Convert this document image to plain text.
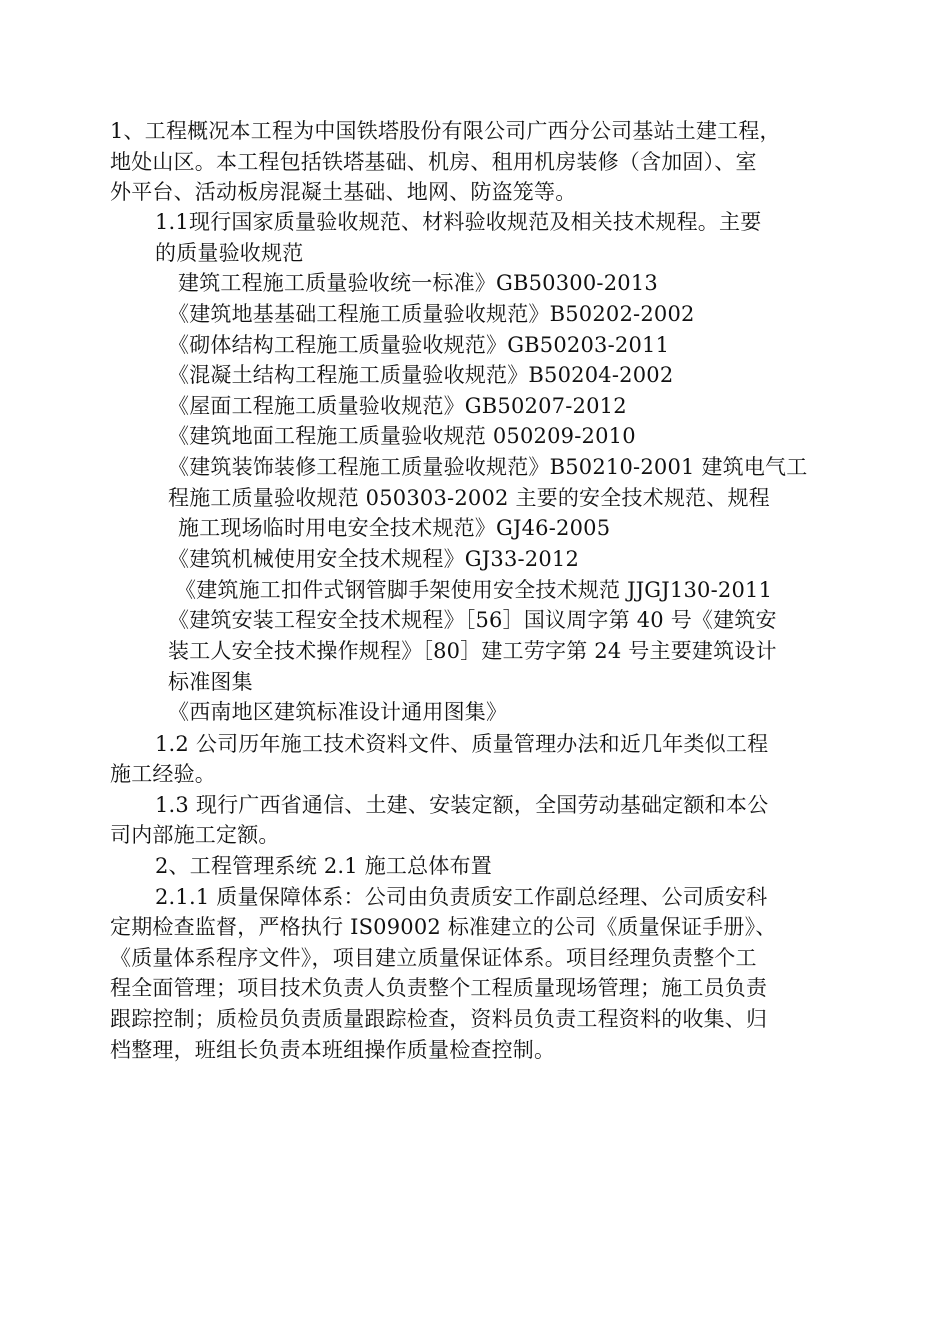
1、工程概况本工程为中国铁塔股份有限公司广西分公司基站土建工程，
地处山区。本工程包括铁塔基础、机房、租用机房装修（含加固）、室
外平台、活动板房混凝土基础、地网、防盗笼等。
1.1现行国家质量验收规范、材料验收规范及相关技术规程。主要
的质量验收规范
建筑工程施工质量验收统一标准》GB50300-2013
《建筑地基基础工程施工质量验收规范》B50202-2002
《砌体结构工程施工质量验收规范》GB50203-2011
《混凝土结构工程施工质量验收规范》B50204-2002
《屋面工程施工质量验收规范》GB50207-2012
《建筑地面工程施工质量验收规范 050209-2010
《建筑装饰装修工程施工质量验收规范》B50210-2001 建筑电气工
程施工质量验收规范 050303-2002 主要的安全技术规范、规程
施工现场临时用电安全技术规范》GJ46-2005
《建筑机械使用安全技术规程》GJ33-2012
《建筑施工扣件式钢管脚手架使用安全技术规范 JJGJ130-2011
《建筑安装工程安全技术规程》［56］国议周字第 40 号《建筑安
装工人安全技术操作规程》［80］建工劳字第 24 号主要建筑设计
标准图集
《西南地区建筑标准设计通用图集》
1.2 公司历年施工技术资料文件、质量管理办法和近几年类似工程
施工经验。
1.3 现行广西省通信、土建、安装定额，全国劳动基础定额和本公
司内部施工定额。
2、工程管理系统 2.1 施工总体布置
2.1.1 质量保障体系：公司由负责质安工作副总经理、公司质安科
定期检查监督，严格执行 IS09002 标准建立的公司《质量保证手册》、
《质量体系程序文件》，项目建立质量保证体系。项目经理负责整个工
程全面管理；项目技术负责人负责整个工程质量现场管理；施工员负责
跟踪控制；质检员负责质量跟踪检查，资料员负责工程资料的收集、归
档整理，班组长负责本班组操作质量检查控制。
